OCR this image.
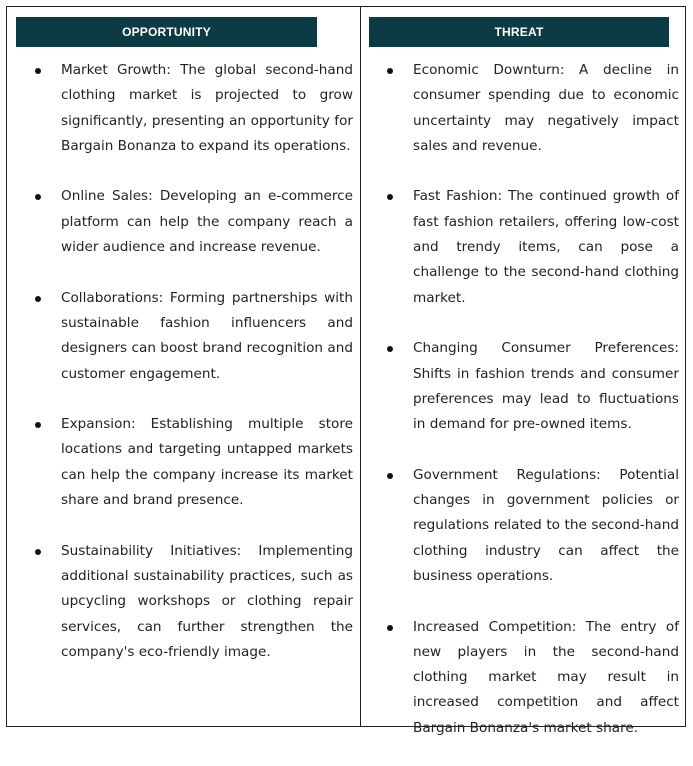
OPPORTUNITY
Market Growth: The global second-hand clothing market is projected to grow significantly, presenting an opportunity for Bargain Bonanza to expand its operations.
Online Sales: Developing an e-commerce platform can help the company reach a wider audience and increase revenue.
Collaborations: Forming partnerships with sustainable fashion influencers and designers can boost brand recognition and customer engagement.
Expansion: Establishing multiple store locations and targeting untapped markets can help the company increase its market share and brand presence.
Sustainability Initiatives: Implementing additional sustainability practices, such as upcycling workshops or clothing repair services, can further strengthen the company's eco-friendly image.
THREAT
Economic Downturn: A decline in consumer spending due to economic uncertainty may negatively impact sales and revenue.
Fast Fashion: The continued growth of fast fashion retailers, offering low-cost and trendy items, can pose a challenge to the second-hand clothing market.
Changing Consumer Preferences: Shifts in fashion trends and consumer preferences may lead to fluctuations in demand for pre-owned items.
Government Regulations: Potential changes in government policies or regulations related to the second-hand clothing industry can affect the business operations.
Increased Competition: The entry of new players in the second-hand clothing market may result in increased competition and affect Bargain Bonanza's market share.
